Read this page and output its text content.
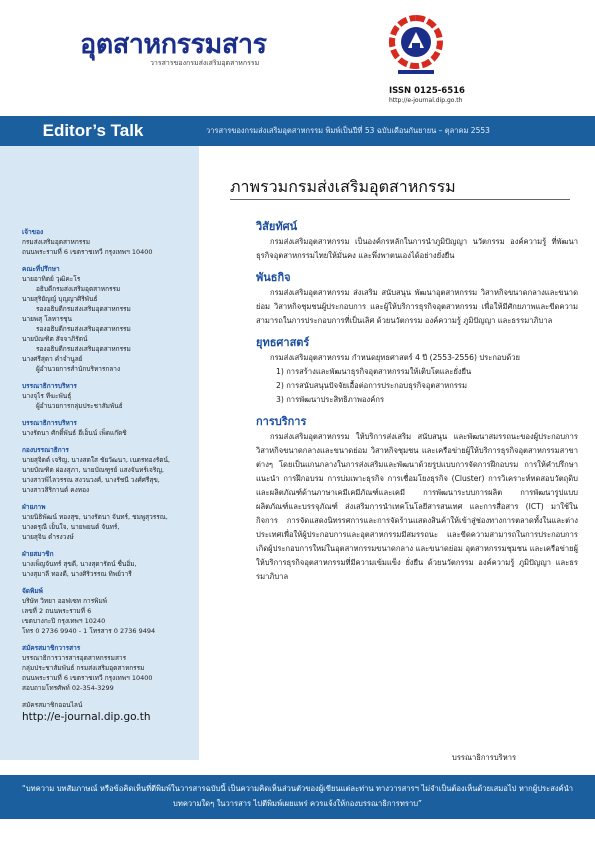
อุตสาหกรรมสาร
วารสารของกรมส่งเสริมอุตสาหกรรม
ISSN 0125-6516
http://e-journal.dip.go.th
Editor’s Talk	วารสารของกรมส่งเสริมอุตสาหกรรม พิมพ์เป็นปีที่ 53 ฉบับเดือนกันยายน – ตุลาคม 2553
เจ้าของ
กรมส่งเสริมอุตสาหกรรม
ถนนพระรามที่ 6 เขตราชเทวี กรุงเทพฯ 10400
คณะที่ปรึกษา
นายอาทิตย์ วุฒิคะโร
อธิบดีกรมส่งเสริมอุตสาหกรรม
นายสุริยัญญ์ บุญญาศิริพันธ์
รองอธิบดีกรมส่งเสริมอุตสาหกรรม
นายพสุ โลหารชุน
รองอธิบดีกรมส่งเสริมอุตสาหกรรม
นายบัณฑิต สัจจาภิรัตน์
รองอธิบดีกรมส่งเสริมอุตสาหกรรม
นางศรีสุดา คำจำนูลย์
ผู้อำนวยการสำนักบริหารกลาง
บรรณาธิการบริหาร
นางจุไร ทีฆะพันธุ์
ผู้อำนวยการกลุ่มประชาสัมพันธ์
บรรณาธิการบริหาร
นางรัตนา ศักดิ์พันธ์ ฮีเอ็นน์ เพ็ดแก๊ดชิ
กองบรรณาธิการ
นายสุจิตต์ เจริญ, นางสดใส ชัยวัฒนา, เนตรทองรัตน์,
นายบัณฑิต ผ่องสุภา, นายบัณฑูรย์ แสงจันทร์เจริญ,
นางสาวพิไลวรรณ สงวนวงศ์, นางรัชนี วงศ์ศรีสุข,
นางสาวสิริกานต์ คงทอง
ฝ่ายภาพ
นายนิธิพัฒน์ ทองสุข, นางรัตนา จันทร์, ชมพูสุวรรณ,
นางดรุณี เย็นใจ, นายพยนต์ จันทร์,
นายสุจิน ดำรงวงษ์
ฝ่ายสมาชิก
นางเพ็ญจันทร์ สุขดี, นางสุดารัตน์ ชื่นอิ่ม,
นางสุมาลี ทองดี, นางศิริวรรณ ทิพย์วารี
จัดพิมพ์
บริษัท วิทยา ออฟเซท การพิมพ์
เลขที่ 2 ถนนพระรามที่ 6
เขตบางกะปิ กรุงเทพฯ 10240
โทร 0 2736 9940 - 1 โทรสาร 0 2736 9494
สมัครสมาชิกวารสาร
บรรณาธิการวารสารอุตสาหกรรมสาร
กลุ่มประชาสัมพันธ์ กรมส่งเสริมอุตสาหกรรม
ถนนพระรามที่ 6 เขตราชเทวี กรุงเทพฯ 10400
สอบถามโทรศัพท์ 02-354-3299
สมัครสมาชิกออนไลน์
http://e-journal.dip.go.th
ภาพรวมกรมส่งเสริมอุตสาหกรรม
วิสัยทัศน์
กรมส่งเสริมอุตสาหกรรม เป็นองค์กรหลักในการนำภูมิปัญญา นวัตกรรม องค์ความรู้ ที่พัฒนาธุรกิจอุตสาหกรรมไทยให้มั่นคง และพึ่งพาตนเองได้อย่างยั่งยืน
พันธกิจ
กรมส่งเสริมอุตสาหกรรม ส่งเสริม สนับสนุน พัฒนาอุตสาหกรรม วิสาหกิจขนาดกลางและขนาดย่อม วิสาหกิจชุมชนผู้ประกอบการ และผู้ให้บริการธุรกิจอุตสาหกรรม เพื่อให้มีศักยภาพและขีดความสามารถในการประกอบการที่เป็นเลิศ ด้วยนวัตกรรม องค์ความรู้ ภูมิปัญญา และธรรมาภิบาล
ยุทธศาสตร์
กรมส่งเสริมอุตสาหกรรม กำหนดยุทธศาสตร์ 4 ปี (2553-2556) ประกอบด้วย
1) การสร้างและพัฒนาธุรกิจอุตสาหกรรมให้เติบโตและยั่งยืน
2) การสนับสนุนปัจจัยเอื้อต่อการประกอบธุรกิจอุตสาหกรรม
3) การพัฒนาประสิทธิภาพองค์กร
การบริการ
กรมส่งเสริมอุตสาหกรรม ให้บริการส่งเสริม สนับสนุน และพัฒนาสมรรถนะของผู้ประกอบการวิสาหกิจขนาดกลางและขนาดย่อม วิสาหกิจชุมชน และเครือข่ายผู้ให้บริการธุรกิจอุตสาหกรรมสาขาต่างๆ โดยเป็นแกนกลางในการส่งเสริมและพัฒนาด้วยรูปแบบการจัดการฝึกอบรม การให้คำปรึกษาแนะนำ การฝึกอบรม การบ่มเพาะธุรกิจ การเชื่อมโยงธุรกิจ (Cluster) การวิเคราะห์ทดสอบวัตถุดิบและผลิตภัณฑ์ด้านภาษาเคมีเคมีภัณฑ์และเคมี การพัฒนาระบบการผลิต การพัฒนารูปแบบผลิตภัณฑ์และบรรจุภัณฑ์ ส่งเสริมการนำเทคโนโลยีสารสนเทศ และการสื่อสาร (ICT) มาใช้ในกิจการ การจัดแสดงนิทรรศการและการจัดร้านแสดงสินค้าให้เข้าสู่ช่องทางการตลาดทั้งในและต่างประเทศเพื่อให้ผู้ประกอบการและอุตสาหกรรมมีสมรรถนะ และขีดความสามารถในการประกอบการ เกิดผู้ประกอบการใหม่ในอุตสาหกรรมขนาดกลาง และขนาดย่อม อุตสาหกรรมชุมชน และเครือข่ายผู้ให้บริการธุรกิจอุตสาหกรรมที่มีความเข้มแข็ง ยั่งยืน ด้วยนวัตกรรม องค์ความรู้ ภูมิปัญญา และธรรมาภิบาล
บรรณาธิการบริหาร
“บทความ บทสัมภาษณ์ หรือข้อคิดเห็นที่ตีพิมพ์ในวารสารฉบับนี้ เป็นความคิดเห็นส่วนตัวของผู้เขียนแต่ละท่าน ทางวารสารฯ ไม่จำเป็นต้องเห็นด้วยเสมอไป หากผู้ประสงค์นำบทความใดๆ ในวารสาร ไปตีพิมพ์เผยแพร่ ควรแจ้งให้กองบรรณาธิการทราบ”
